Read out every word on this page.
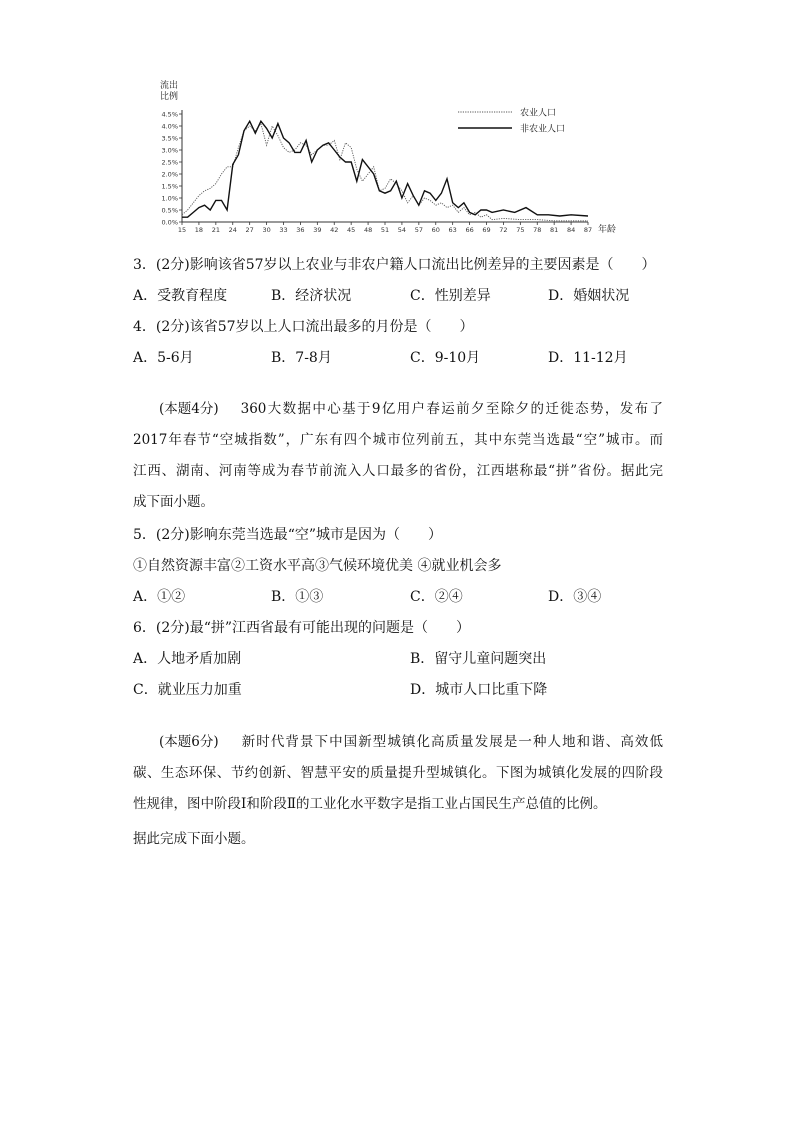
0.0%
0.5%
1.0%
1.5%
2.0%
2.5%
3.0%
3.5%
4.0%
4.5%
15 18 21 24 27 30 33 36 39 42 45 48 51 54 57 60 63 66 69 72 75 78 81 84 87
流出
比例
年龄
农业人口
非农业人口
3．(2分)影响该省57岁以上农业与非农户籍人口流出比例差异的主要因素是（　　）
A．受教育程度	B．经济状况	C．性别差异	D．婚姻状况
4．(2分)该省57岁以上人口流出最多的月份是（　　）
A．5-6月	B．7-8月	C．9-10月	D．11-12月
(本题4分) 360大数据中心基于9亿用户春运前夕至除夕的迁徙态势，发布了
2017年春节“空城指数”，广东有四个城市位列前五，其中东莞当选最“空”城市。而
江西、湖南、河南等成为春节前流入人口最多的省份，江西堪称最“拼”省份。据此完
成下面小题。
5．(2分)影响东莞当选最“空”城市是因为（　　）
①自然资源丰富②工资水平高③气候环境优美 ④就业机会多
A．①②	B．①③	C．②④	D．③④
6．(2分)最“拼”江西省最有可能出现的问题是（　　）
A．人地矛盾加剧	B．留守儿童问题突出
C．就业压力加重	D．城市人口比重下降
(本题6分) 新时代背景下中国新型城镇化高质量发展是一种人地和谐、高效低
碳、生态环保、节约创新、智慧平安的质量提升型城镇化。下图为城镇化发展的四阶段
性规律，图中阶段Ⅰ和阶段Ⅱ的工业化水平数字是指工业占国民生产总值的比例。
据此完成下面小题。
